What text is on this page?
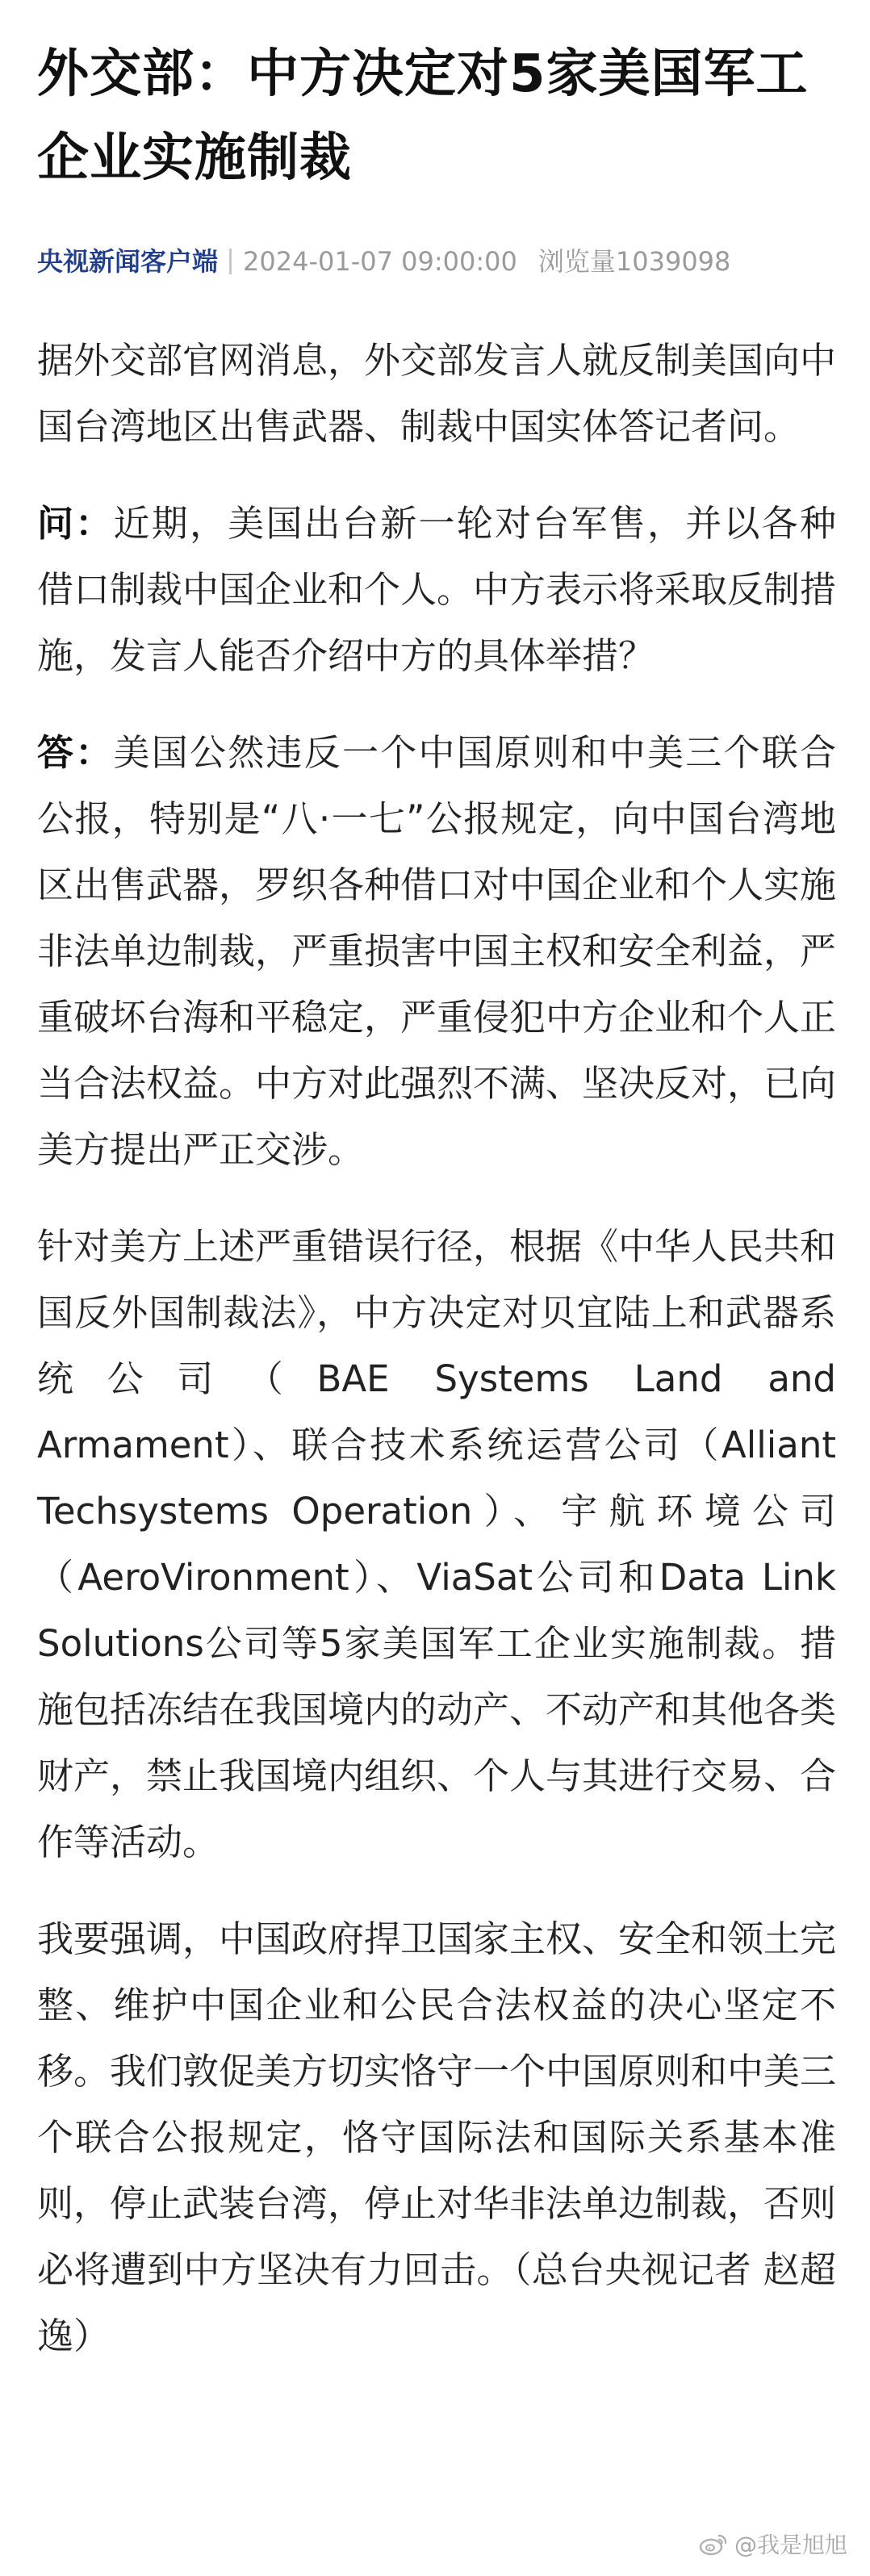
外交部：中方决定对5家美国军工企业实施制裁
央视新闻客户端 2024-01-07 09:00:00 浏览量1039098

据外交部官网消息，外交部发言人就反制美国向中国台湾地区出售武器、制裁中国实体答记者问。

问：近期，美国出台新一轮对台军售，并以各种借口制裁中国企业和个人。中方表示将采取反制措施，发言人能否介绍中方的具体举措？

答：美国公然违反一个中国原则和中美三个联合公报，特别是“八·一七”公报规定，向中国台湾地区出售武器，罗织各种借口对中国企业和个人实施非法单边制裁，严重损害中国主权和安全利益，严重破坏台海和平稳定，严重侵犯中方企业和个人正当合法权益。中方对此强烈不满、坚决反对，已向美方提出严正交涉。

针对美方上述严重错误行径，根据《中华人民共和国反外国制裁法》，中方决定对贝宜陆上和武器系统公司（BAE Systems Land and Armament）、联合技术系统运营公司（Alliant Techsystems Operation）、宇航环境公司（AeroVironment）、ViaSat公司和Data Link Solutions公司等5家美国军工企业实施制裁。措施包括冻结在我国境内的动产、不动产和其他各类财产，禁止我国境内组织、个人与其进行交易、合作等活动。

我要强调，中国政府捍卫国家主权、安全和领土完整、维护中国企业和公民合法权益的决心坚定不移。我们敦促美方切实恪守一个中国原则和中美三个联合公报规定，恪守国际法和国际关系基本准则，停止武装台湾，停止对华非法单边制裁，否则必将遭到中方坚决有力回击。（总台央视记者 赵超逸）

@我是旭旭
